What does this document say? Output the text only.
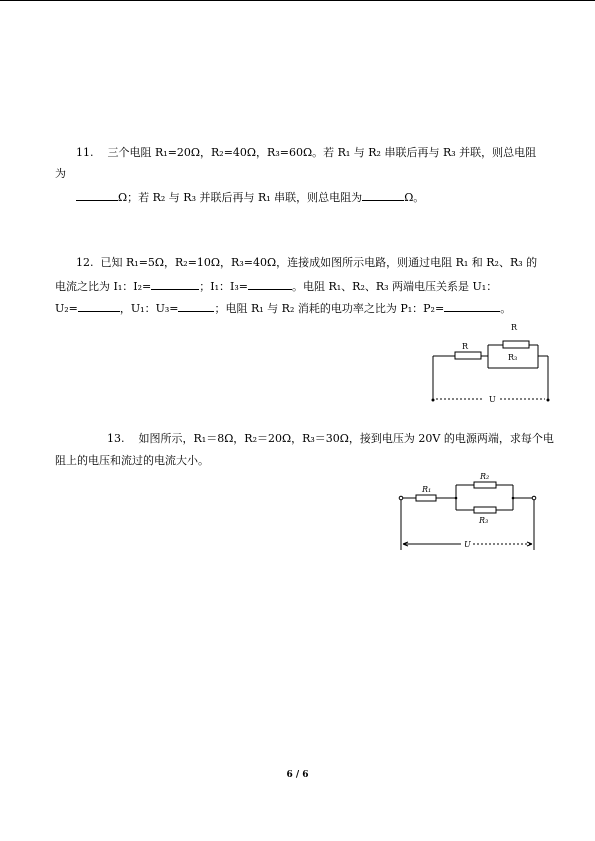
11. 三个电阻 R₁=20Ω，R₂=40Ω，R₃=60Ω。若 R₁ 与 R₂ 串联后再与 R₃ 并联，则总电阻
为
Ω；若 R₂ 与 R₃ 并联后再与 R₁ 串联，则总电阻为	Ω。
12. 已知 R₁=5Ω，R₂=10Ω，R₃=40Ω，连接成如图所示电路，则通过电阻 R₁ 和 R₂、R₃ 的
电流之比为 I₁：I₂=	；I₁：I₃=	。电阻 R₁、R₂、R₃ 两端电压关系是 U₁：
U₂=	，U₁：U₃=	；电阻 R₁ 与 R₂ 消耗的电功率之比为 P₁：P₂=	。
R
R
R₃
U
13. 如图所示，R₁＝8Ω，R₂＝20Ω，R₃＝30Ω，接到电压为 20V 的电源两端，求每个电
阻上的电压和流过的电流大小。
R₁
R₂
R₃
U
6 / 6
